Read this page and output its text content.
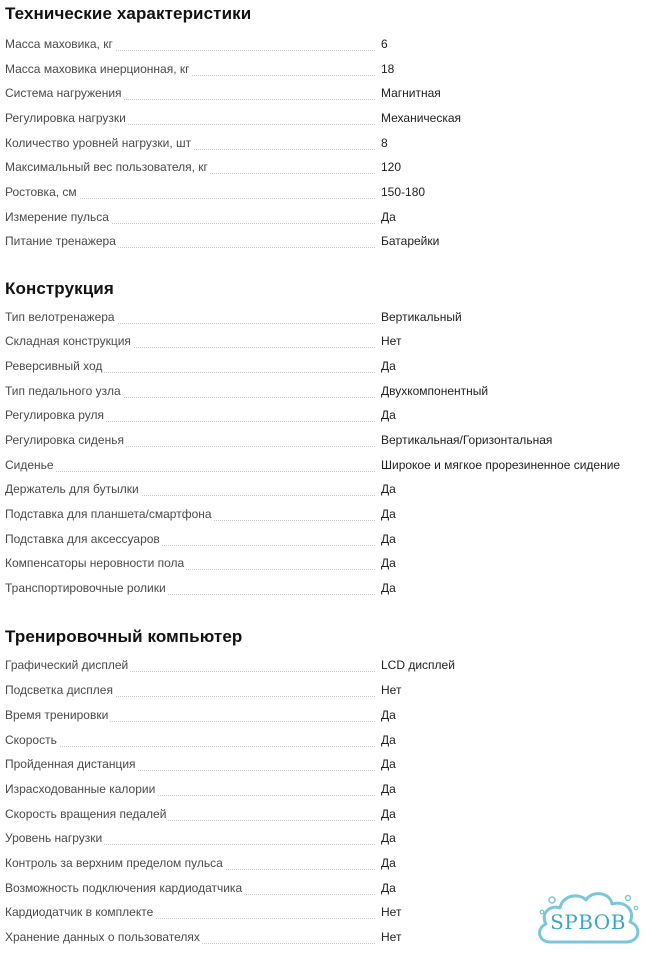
Технические характеристики
Масса маховика, кг	6
Масса маховика инерционная, кг	18
Система нагружения	Магнитная
Регулировка нагрузки	Механическая
Количество уровней нагрузки, шт	8
Максимальный вес пользователя, кг	120
Ростовка, см	150-180
Измерение пульса	Да
Питание тренажера	Батарейки
Конструкция
Тип велотренажера	Вертикальный
Складная конструкция	Нет
Реверсивный ход	Да
Тип педального узла	Двухкомпонентный
Регулировка руля	Да
Регулировка сиденья	Вертикальная/Горизонтальная
Сиденье	Широкое и мягкое прорезиненное сидение
Держатель для бутылки	Да
Подставка для планшета/смартфона	Да
Подставка для аксессуаров	Да
Компенсаторы неровности пола	Да
Транспортировочные ролики	Да
Тренировочный компьютер
Графический дисплей	LCD дисплей
Подсветка дисплея	Нет
Время тренировки	Да
Скорость	Да
Пройденная дистанция	Да
Израсходованные калории	Да
Скорость вращения педалей	Да
Уровень нагрузки	Да
Контроль за верхним пределом пульса	Да
Возможность подключения кардиодатчика	Да
Кардиодатчик в комплекте	Нет
Хранение данных о пользователях	Нет
SPBOB
